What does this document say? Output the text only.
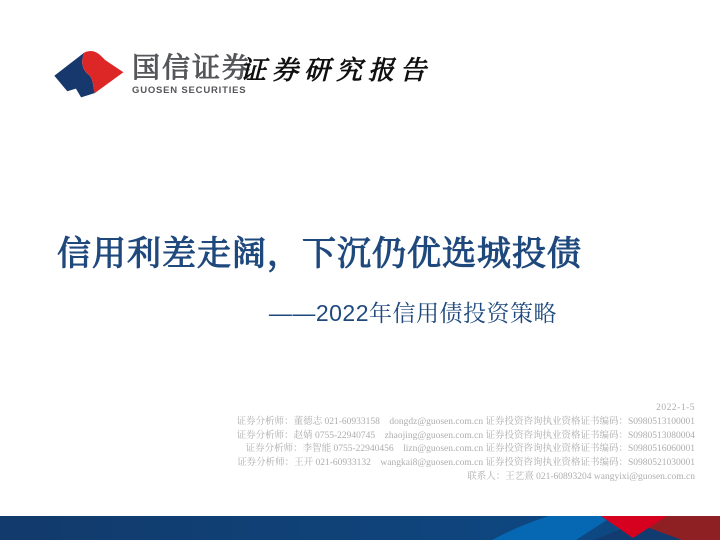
国信证券
GUOSEN SECURITIES
证券研究报告
信用利差走阔，下沉仍优选城投债
——2022年信用债投资策略
2022-1-5
证券分析师：董德志 021-60933158　dongdz@guosen.com.cn 证券投资咨询执业资格证书编码：S0980513100001
证券分析师：赵婧 0755-22940745　zhaojing@guosen.com.cn 证券投资咨询执业资格证书编码：S0980513080004
证券分析师：李智能 0755-22940456　lizn@guosen.com.cn 证券投资咨询执业资格证书编码：S0980516060001
证券分析师：王开 021-60933132　wangkai8@guosen.com.cn 证券投资咨询执业资格证书编码：S0980521030001
联系人：王艺熹 021-60893204 wangyixi@guosen.com.cn
